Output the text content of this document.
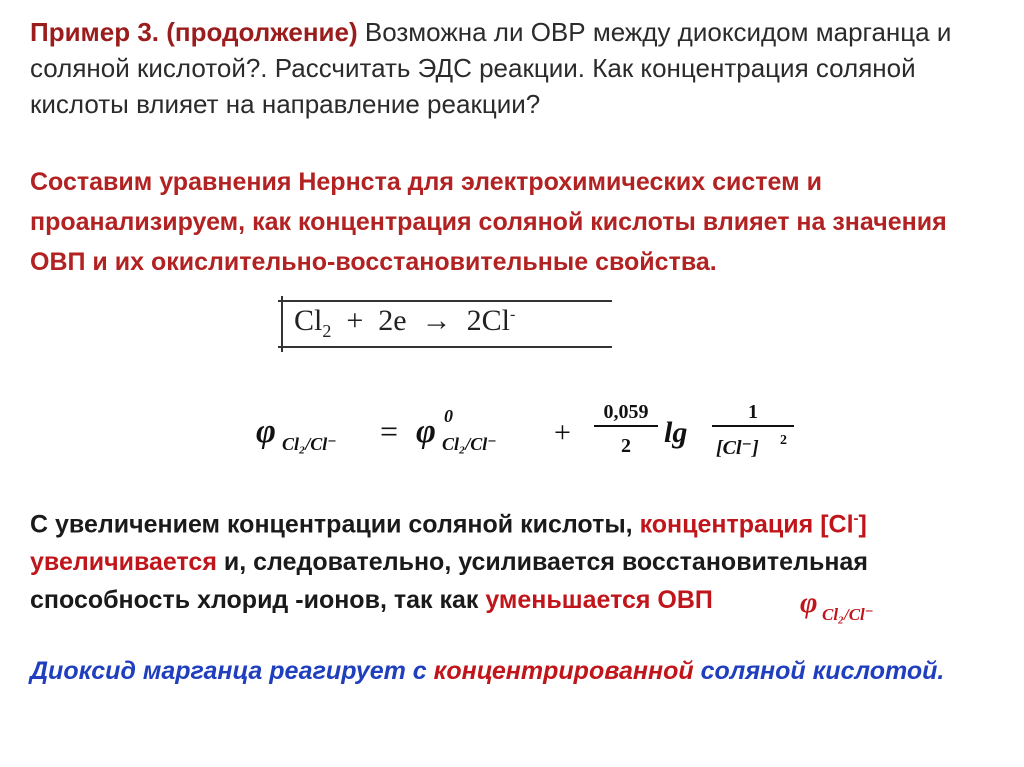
Пример 3. (продолжение) Возможна ли ОВР между диоксидом марганца и соляной кислотой?. Рассчитать ЭДС реакции. Как концентрация соляной кислоты влияет на направление реакции?
Составим уравнения Нернста для электрохимических систем и проанализируем, как концентрация соляной кислоты влияет на значения ОВП и их окислительно-восстановительные свойства.
$Cl_2 + 2e \to 2Cl^-$
φ Cl₂/Cl⁻ = φ 0
Cl₂/Cl⁻ +
0,059
2 lg
1
[Cl⁻] 2
С увеличением концентрации соляной кислоты, концентрация [Cl-] увеличивается и, следовательно, усиливается восстановительная способность хлорид -ионов, так как уменьшается ОВП	φ Cl₂/Cl⁻
Диоксид марганца реагирует с концентрированной соляной кислотой.
